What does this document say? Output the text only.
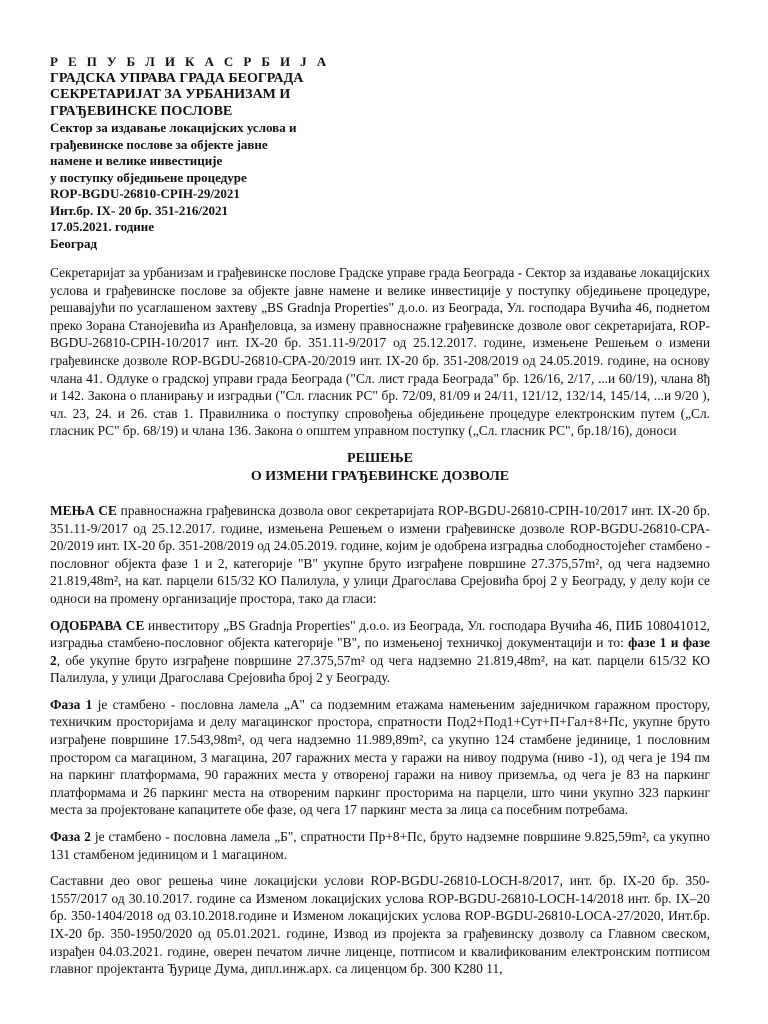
Р Е П У Б Л И К А С Р Б И Ј А
ГРАДСКА УПРАВА ГРАДА БЕОГРАДА
СЕКРЕТАРИЈАТ ЗА УРБАНИЗАМ И
ГРАЂЕВИНСКЕ ПОСЛОВЕ
Сектор за издавање локацијских услова и
грађевинске послове за објекте јавне
намене и велике инвестиције
у поступку обједињене процедуре
ROP-BGDU-26810-CPIH-29/2021
Инт.бр. IX- 20 бр. 351-216/2021
17.05.2021. године
Београд

Секретаријат за урбанизам и грађевинске послове Градске управе града Београда - Сектор за издавање локацијских услова и грађевинске послове за објекте јавне намене и велике инвестиције у поступку обједињене процедуре, решавајући по усаглашеном захтеву „BS Gradnja Properties" д.о.о. из Београда, Ул. господара Вучића 46, поднетом преко Зорана Станојевића из Аранђеловца, за измену правноснажне грађевинске дозволе овог секретаријата, ROP-BGDU-26810-CPIH-10/2017 инт. IX-20 бр. 351.11-9/2017 од 25.12.2017. године, измењене Решењем о измени грађевинске дозволе ROP-BGDU-26810-CPA-20/2019 инт. IX-20 бр. 351-208/2019 од 24.05.2019. године, на основу члана 41. Одлуке о градској управи града Београда ("Сл. лист града Београда" бр. 126/16, 2/17, ...и 60/19), члана 8ђ и 142. Закона о планирању и изградњи ("Сл. гласник РС" бр. 72/09, 81/09 и 24/11, 121/12, 132/14, 145/14, ...и 9/20 ), чл. 23, 24. и 26. став 1. Правилника о поступку спровођења обједињене процедуре електронским путем („Сл. гласник РС" бр. 68/19) и члана 136. Закона о општем управном поступку („Сл. гласник РС", бр.18/16), доноси

РЕШЕЊЕ

О ИЗМЕНИ ГРАЂЕВИНСКЕ ДОЗВОЛЕ

МЕЊА СЕ правноснажна грађевинска дозвола овог секретаријата ROP-BGDU-26810-CPIH-10/2017 инт. IX-20 бр. 351.11-9/2017 од 25.12.2017. године, измењена Решењем о измени грађевинске дозволе ROP-BGDU-26810-CPA-20/2019 инт. IX-20 бр. 351-208/2019 од 24.05.2019. године, којим је одобрена изградња слободностојећег стамбено - пословног објекта фазе 1 и 2, категорије "В" укупне бруто изграђене површине 27.375,57m², од чега надземно 21.819,48m², на кат. парцели 615/32 КО Палилула, у улици Драгослава Срејовића број 2 у Београду, у делу који се односи на промену организације простора, тако да гласи:

ОДОБРАВА СЕ инвеститору „BS Gradnja Properties" д.о.о. из Београда, Ул. господара Вучића 46, ПИБ 108041012, изградња стамбено-пословног објекта категорије "В", по измењеној техничкој документацији и то: фазе 1 и фазе 2, обе укупне бруто изграђене површине 27.375,57m² од чега надземно 21.819,48m², на кат. парцели 615/32 КО Палилула, у улици Драгослава Срејовића број 2 у Београду.

Фаза 1 је стамбено - пословна ламела „А" са подземним етажама намењеним заједничком гаражном простору, техничким просторијама и делу магацинског простора, спратности Под2+Под1+Сут+П+Гал+8+Пс, укупне бруто изграђене површине 17.543,98m², од чега надземно 11.989,89m², са укупно 124 стамбене јединице, 1 пословним простором са магацином, 3 магацина, 207 гаражних места у гаражи на нивоу подрума (ниво -1), од чега је 194 пм на паркинг платформама, 90 гаражних места у отвореној гаражи на нивоу приземља, од чега је 83 на паркинг платформама и 26 паркинг места на отвореним паркинг просторима на парцели, што чини укупно 323 паркинг места за пројектоване капацитете обе фазе, од чега 17 паркинг места за лица са посебним потребама.

Фаза 2 је стамбено - пословна ламела „Б", спратности Пр+8+Пс, бруто надземне површине 9.825,59m², са укупно 131 стамбеном јединицом и 1 магацином.

Саставни део овог решења чине локацијски услови ROP-BGDU-26810-LOCH-8/2017, инт. бр. IX-20 бр. 350-1557/2017 од 30.10.2017. године са Изменом локацијских услова ROP-BGDU-26810-LOCH-14/2018 инт. бр. IX–20 бр. 350-1404/2018 од 03.10.2018.године и Изменом локацијских услова ROP-BGDU-26810-LOCA-27/2020, Инт.бр. IX-20 бр. 350-1950/2020 од 05.01.2021. године, Извод из пројекта за грађевинску дозволу са Главном свеском, израђен 04.03.2021. године, оверен печатом личне лиценце, потписом и квалификованим електронским потписом главног пројектанта Ђурице Дума, дипл.инж.арх. са лиценцом бр. 300 К280 11,
